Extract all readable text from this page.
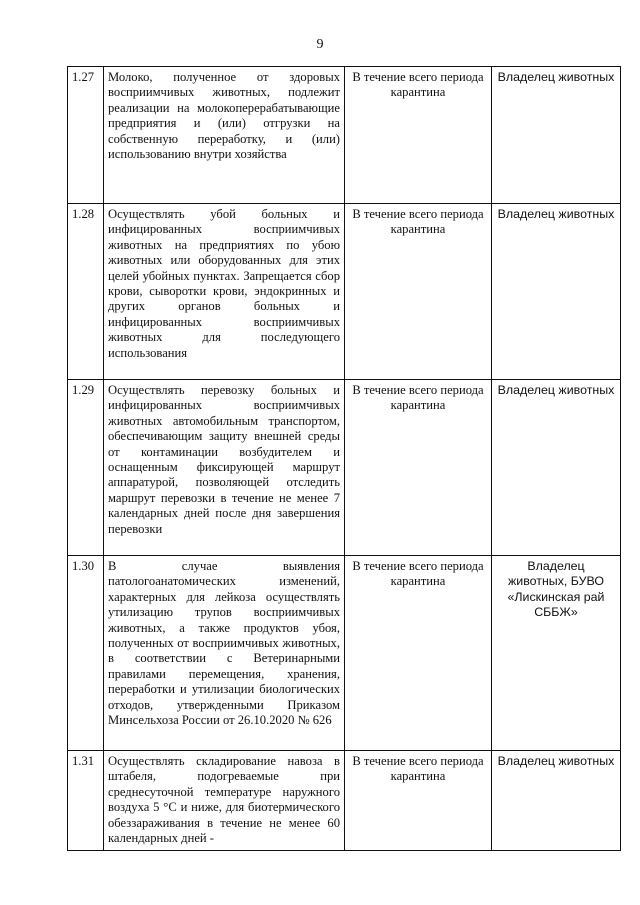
9
1.27	Молоко, полученное от здоровых восприимчивых животных, подлежит реализации на молокоперерабатывающие предприятия и (или) отгрузки на собственную переработку, и (или) использованию внутри хозяйства	В течение всего периода карантина	Владелец животных
1.28	Осуществлять убой больных и инфицированных восприимчивых животных на предприятиях по убою животных или оборудованных для этих целей убойных пунктах. Запрещается сбор крови, сыворотки крови, эндокринных и других органов больных и инфицированных восприимчивых животных для последующего использования	В течение всего периода карантина	Владелец животных
1.29	Осуществлять перевозку больных и инфицированных восприимчивых животных автомобильным транспортом, обеспечивающим защиту внешней среды от контаминации возбудителем и оснащенным фиксирующей маршрут аппаратурой, позволяющей отследить маршрут перевозки в течение не менее 7 календарных дней после дня завершения перевозки	В течение всего периода карантина	Владелец животных
1.30	В случае выявления патологоанатомических изменений, характерных для лейкоза осуществлять утилизацию трупов восприимчивых животных, а также продуктов убоя, полученных от восприимчивых животных, в соответствии с Ветеринарными правилами перемещения, хранения, переработки и утилизации биологических отходов, утвержденными Приказом Минсельхоза России от 26.10.2020 № 626	В течение всего периода карантина	Владелец животных, БУВО «Лискинская рай СББЖ»
1.31	Осуществлять складирование навоза в штабеля, подогреваемые при среднесуточной температуре наружного воздуха 5 °С и ниже, для биотермического обеззараживания в течение не менее 60 календарных дней -	В течение всего периода карантина	Владелец животных
